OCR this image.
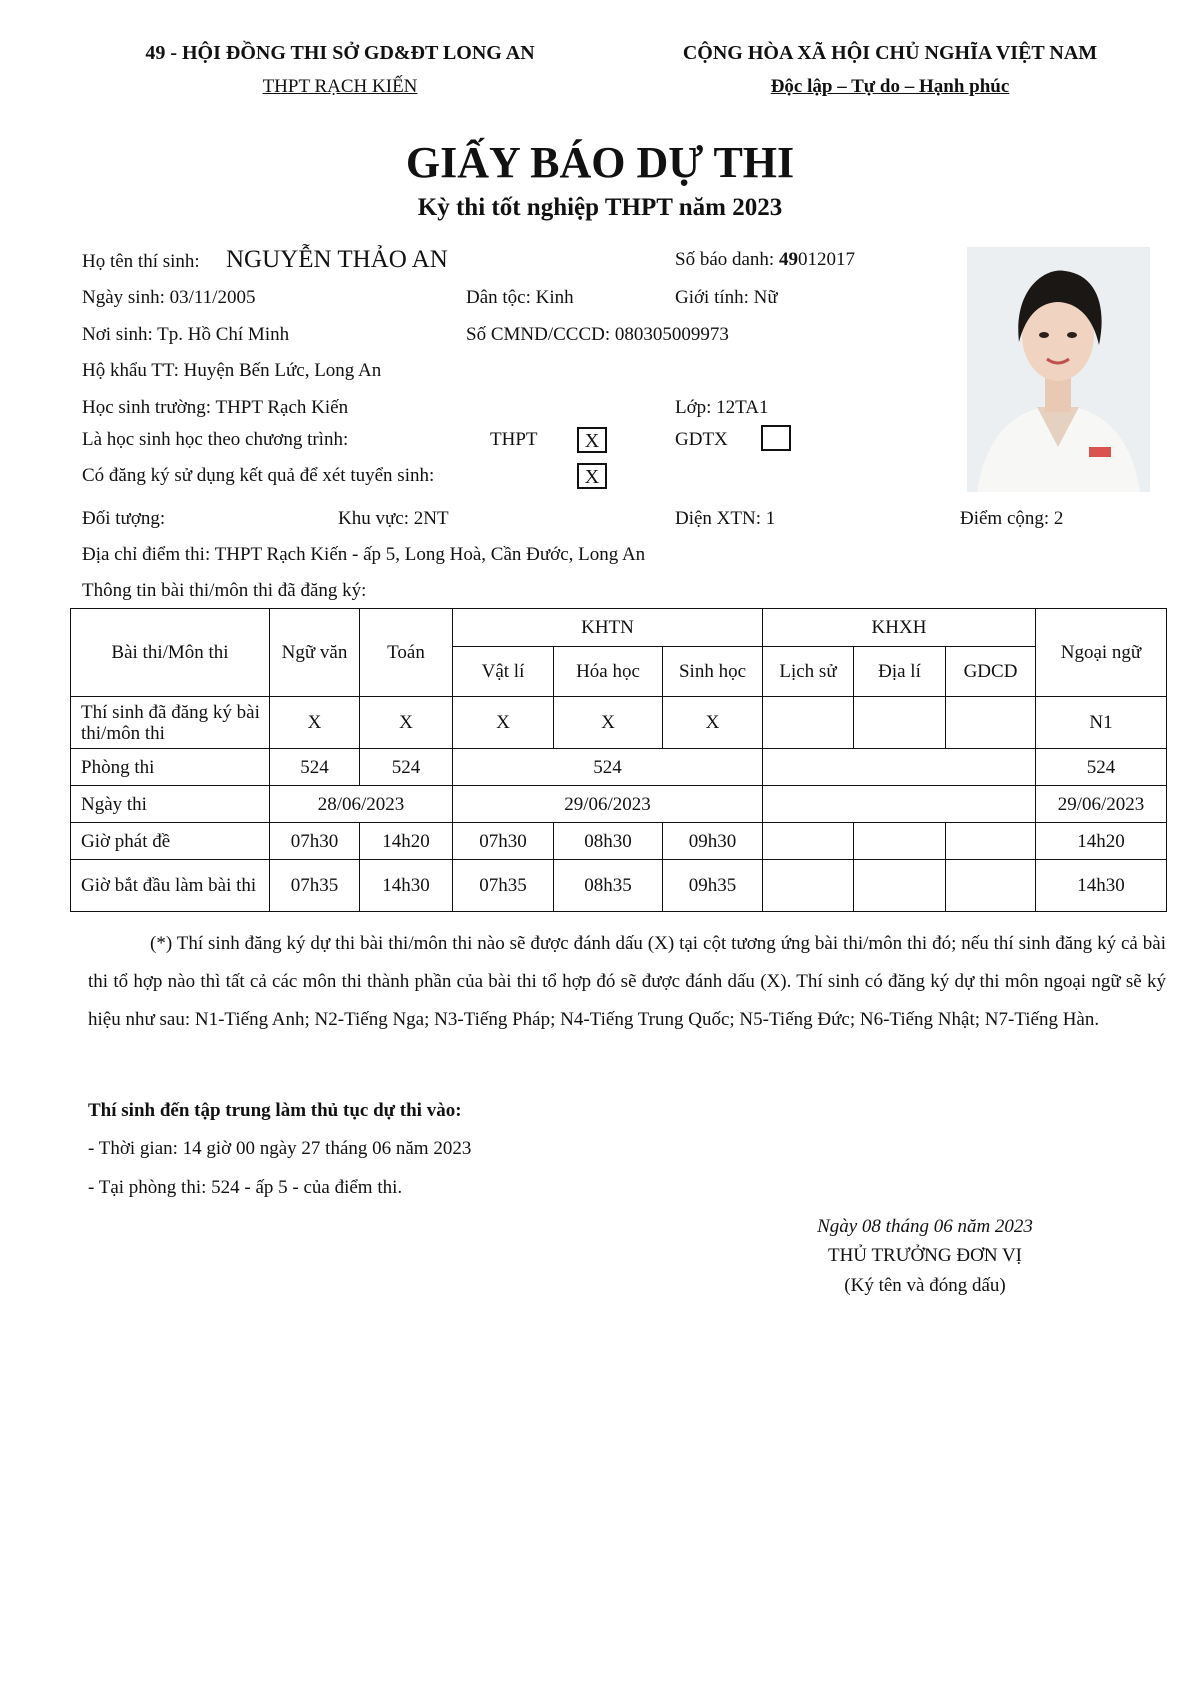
49 - HỘI ĐỒNG THI SỞ GD&ĐT LONG AN
THPT RẠCH KIẾN
CỘNG HÒA XÃ HỘI CHỦ NGHĨA VIỆT NAM
Độc lập – Tự do – Hạnh phúc
GIẤY BÁO DỰ THI
Kỳ thi tốt nghiệp THPT năm 2023
Họ tên thí sinh: NGUYỄN THẢO AN	Số báo danh: 49012017
Ngày sinh: 03/11/2005	Dân tộc: Kinh	Giới tính: Nữ
Nơi sinh: Tp. Hồ Chí Minh	Số CMND/CCCD: 080305009973
Hộ khẩu TT: Huyện Bến Lức, Long An
Học sinh trường: THPT Rạch Kiến	Lớp: 12TA1
Là học sinh học theo chương trình:	THPT	X	GDTX
Có đăng ký sử dụng kết quả để xét tuyển sinh:	X
Đối tượng:	Khu vực: 2NT	Diện XTN: 1	Điểm cộng: 2
Địa chỉ điểm thi: THPT Rạch Kiến - ấp 5, Long Hoà, Cần Đước, Long An
Thông tin bài thi/môn thi đã đăng ký:
Bài thi/Môn thi	Ngữ văn	Toán	KHTN			KHXH			Ngoại ngữ
			Vật lí	Hóa học	Sinh học	Lịch sử	Địa lí	GDCD	
Thí sinh đã đăng ký bài thi/môn thi	X	X	X	X	X				N1
Phòng thi	524	524	524						524
Ngày thi	28/06/2023		29/06/2023						29/06/2023
Giờ phát đề	07h30	14h20	07h30	08h30	09h30				14h20
Giờ bắt đầu làm bài thi	07h35	14h30	07h35	08h35	09h35				14h30
(*) Thí sinh đăng ký dự thi bài thi/môn thi nào sẽ được đánh dấu (X) tại cột tương ứng bài thi/môn thi đó; nếu thí sinh đăng ký cả bài thi tổ hợp nào thì tất cả các môn thi thành phần của bài thi tổ hợp đó sẽ được đánh dấu (X). Thí sinh có đăng ký dự thi môn ngoại ngữ sẽ ký hiệu như sau: N1-Tiếng Anh; N2-Tiếng Nga; N3-Tiếng Pháp; N4-Tiếng Trung Quốc; N5-Tiếng Đức; N6-Tiếng Nhật; N7-Tiếng Hàn.
Thí sinh đến tập trung làm thủ tục dự thi vào:
- Thời gian: 14 giờ 00 ngày 27 tháng 06 năm 2023
- Tại phòng thi: 524 - ấp 5 - của điểm thi.
Ngày 08 tháng 06 năm 2023
THỦ TRƯỞNG ĐƠN VỊ
(Ký tên và đóng dấu)
